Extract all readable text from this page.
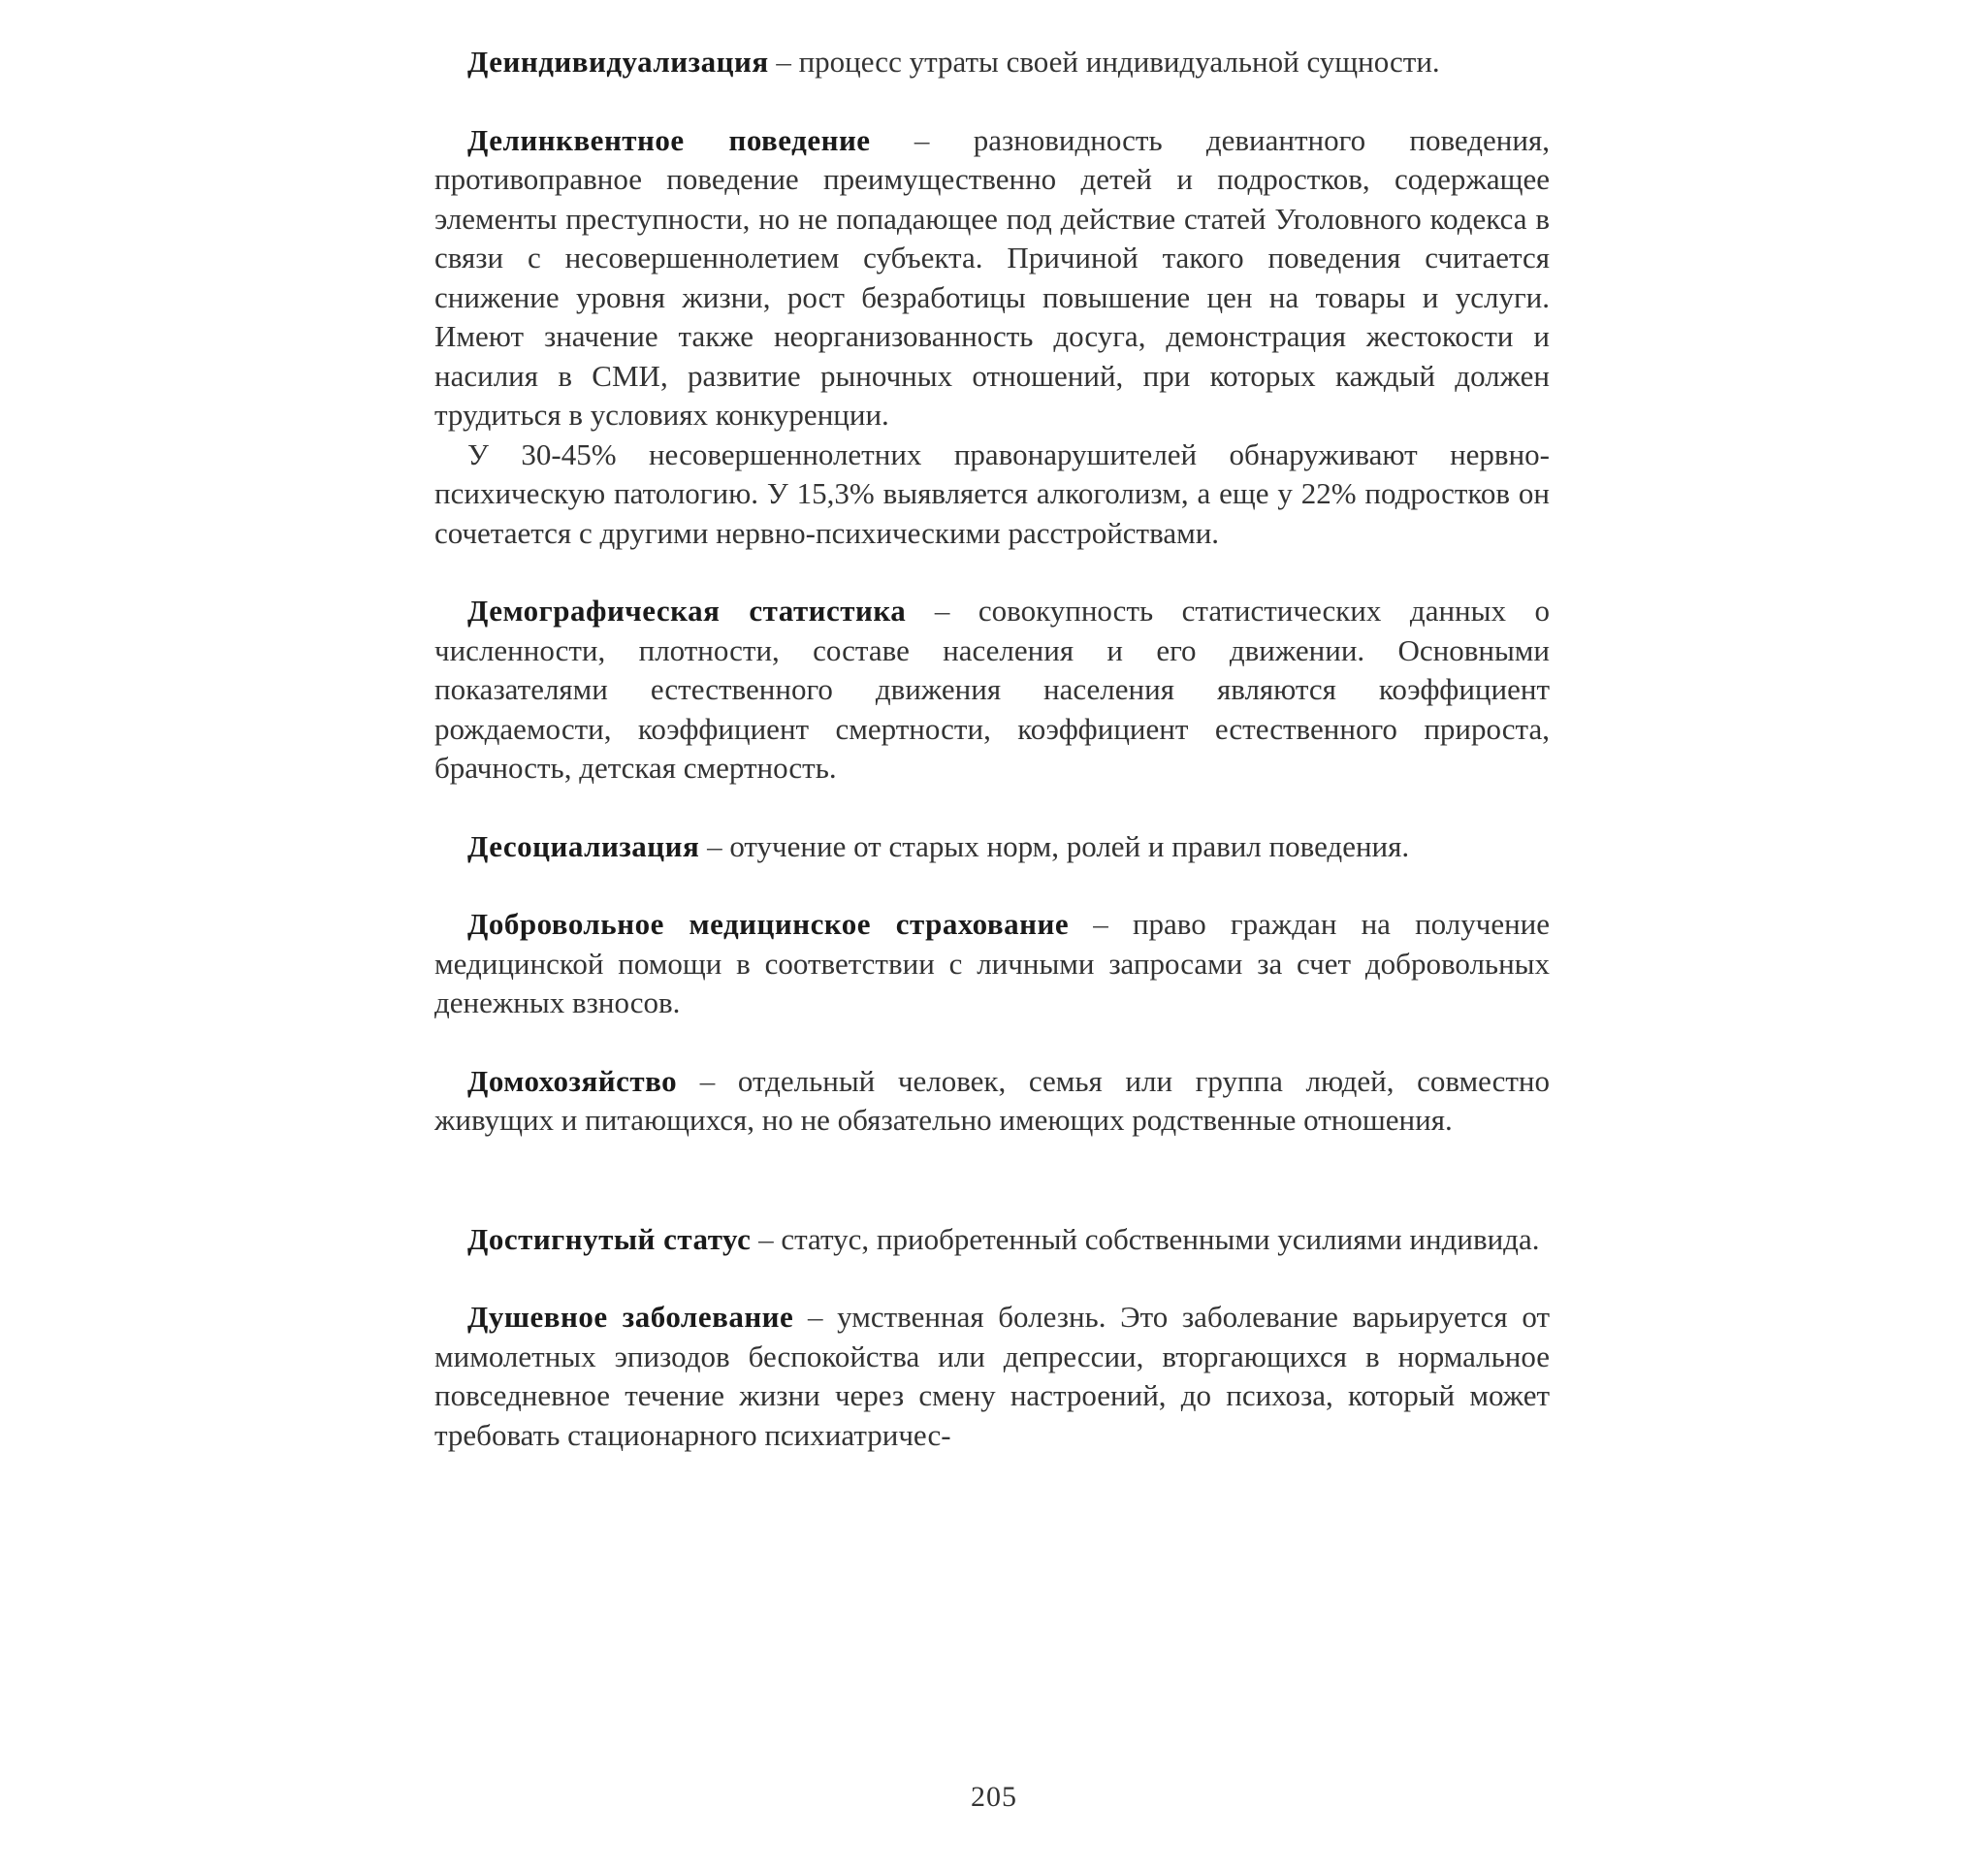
Деиндивидуализация – процесс утраты своей индивидуальной сущности.

Делинквентное поведение – разновидность девиантного поведения, противоправное поведение преимущественно детей и подростков, содержащее элементы преступности, но не попадающее под действие статей Уголовного кодекса в связи с несовершеннолетием субъекта. Причиной такого поведения считается снижение уровня жизни, рост безработицы повышение цен на товары и услуги. Имеют значение также неорганизованность досуга, демонстрация жестокости и насилия в СМИ, развитие рыночных отношений, при которых каждый должен трудиться в условиях конкуренции.

У 30-45% несовершеннолетних правонарушителей обнаруживают нервно-психическую патологию. У 15,3% выявляется алкоголизм, а еще у 22% подростков он сочетается с другими нервно-психическими расстройствами.

Демографическая статистика – совокупность статистических данных о численности, плотности, составе населения и его движении. Основными показателями естественного движения населения являются коэффициент рождаемости, коэффициент смертности, коэффициент естественного прироста, брачность, детская смертность.

Десоциализация – отучение от старых норм, ролей и правил поведения.

Добровольное медицинское страхование – право граждан на получение медицинской помощи в соответствии с личными запросами за счет добровольных денежных взносов.

Домохозяйство – отдельный человек, семья или группа людей, совместно живущих и питающихся, но не обязательно имеющих родственные отношения.

Достигнутый статус – статус, приобретенный собственными усилиями индивида.

Душевное заболевание – умственная болезнь. Это заболевание варьируется от мимолетных эпизодов беспокойства или депрессии, вторгающихся в нормальное повседневное течение жизни через смену настроений, до психоза, который может требовать стационарного психиатричес-

205
